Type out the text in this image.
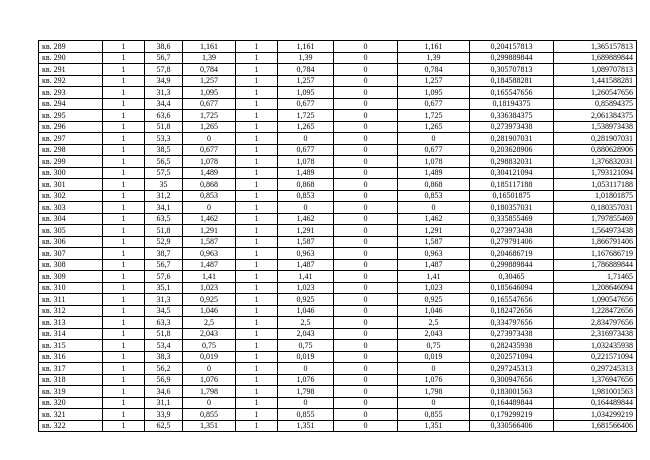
кв. 289	1	38,6	1,161	1	1,161	0	1,161	0,204157813	1,365157813
кв. 290	1	56,7	1,39	1	1,39	0	1,39	0,299889844	1,689889844
кв. 291	1	57,8	0,784	1	0,784	0	0,784	0,305707813	1,089707813
кв. 292	1	34,9	1,257	1	1,257	0	1,257	0,184588281	1,441588281
кв. 293	1	31,3	1,095	1	1,095	0	1,095	0,165547656	1,260547656
кв. 294	1	34,4	0,677	1	0,677	0	0,677	0,18194375	0,85894375
кв. 295	1	63,6	1,725	1	1,725	0	1,725	0,336384375	2,061384375
кв. 296	1	51,8	1,265	1	1,265	0	1,265	0,273973438	1,538973438
кв. 297	1	53,3	0	1	0	0	0	0,281907031	0,281907031
кв. 298	1	38,5	0,677	1	0,677	0	0,677	0,203628906	0,880628906
кв. 299	1	56,5	1,078	1	1,078	0	1,078	0,298832031	1,376832031
кв. 300	1	57,5	1,489	1	1,489	0	1,489	0,304121094	1,793121094
кв. 301	1	35	0,868	1	0,868	0	0,868	0,185117188	1,053117188
кв. 302	1	31,2	0,853	1	0,853	0	0,853	0,16501875	1,01801875
кв. 303	1	34,1	0	1	0	0	0	0,180357031	0,180357031
кв. 304	1	63,5	1,462	1	1,462	0	1,462	0,335855469	1,797855469
кв. 305	1	51,8	1,291	1	1,291	0	1,291	0,273973438	1,564973438
кв. 306	1	52,9	1,587	1	1,587	0	1,587	0,279791406	1,866791406
кв. 307	1	38,7	0,963	1	0,963	0	0,963	0,204686719	1,167686719
кв. 308	1	56,7	1,487	1	1,487	0	1,487	0,299889844	1,786889844
кв. 309	1	57,6	1,41	1	1,41	0	1,41	0,30465	1,71465
кв. 310	1	35,1	1,023	1	1,023	0	1,023	0,185646094	1,208646094
кв. 311	1	31,3	0,925	1	0,925	0	0,925	0,165547656	1,090547656
кв. 312	1	34,5	1,046	1	1,046	0	1,046	0,182472656	1,228472656
кв. 313	1	63,3	2,5	1	2,5	0	2,5	0,334797656	2,834797656
кв. 314	1	51,8	2,043	1	2,043	0	2,043	0,273973438	2,316973438
кв. 315	1	53,4	0,75	1	0,75	0	0,75	0,282435938	1,032435938
кв. 316	1	38,3	0,019	1	0,019	0	0,019	0,202571094	0,221571094
кв. 317	1	56,2	0	1	0	0	0	0,297245313	0,297245313
кв. 318	1	56,9	1,076	1	1,076	0	1,076	0,300947656	1,376947656
кв. 319	1	34,6	1,798	1	1,798	0	1,798	0,183001563	1,981001563
кв. 320	1	31,1	0	1	0	0	0	0,164489844	0,164489844
кв. 321	1	33,9	0,855	1	0,855	0	0,855	0,179299219	1,034299219
кв. 322	1	62,5	1,351	1	1,351	0	1,351	0,330566406	1,681566406
